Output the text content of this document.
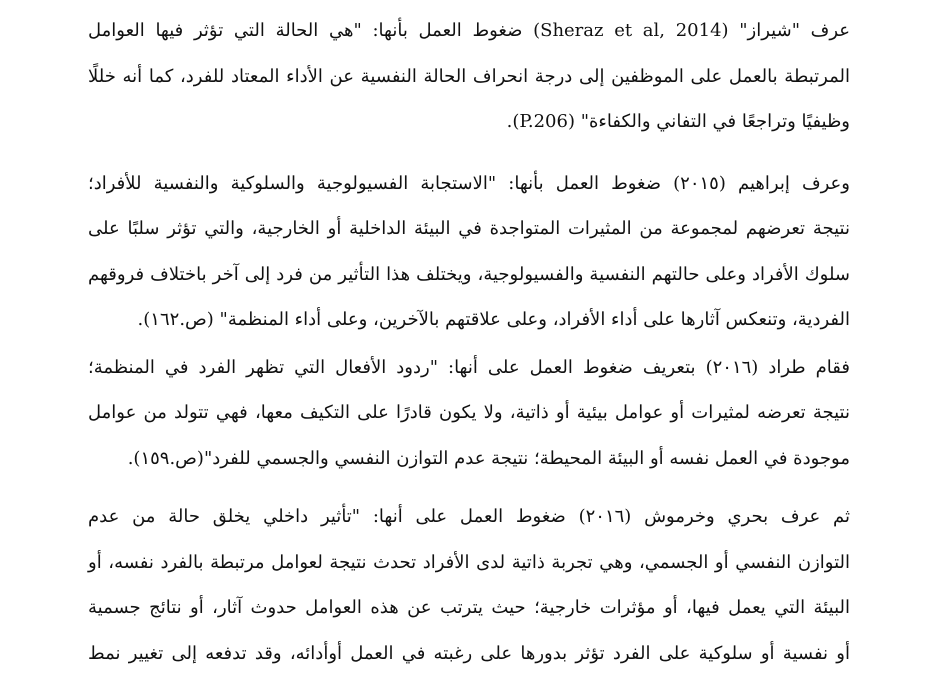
عرف "شيراز" (Sheraz et al, 2014) ضغوط العمل بأنها: "هي الحالة التي تؤثر فيها العوامل
المرتبطة بالعمل على الموظفين إلى درجة انحراف الحالة النفسية عن الأداء المعتاد للفرد، كما أنه خللًا
وظيفيًا وتراجعًا في التفاني والكفاءة" (P.206).
وعرف إبراهيم (٢٠١٥) ضغوط العمل بأنها: "الاستجابة الفسيولوجية والسلوكية والنفسية للأفراد؛
نتيجة تعرضهم لمجموعة من المثيرات المتواجدة في البيئة الداخلية أو الخارجية، والتي تؤثر سلبًا على
سلوك الأفراد وعلى حالتهم النفسية والفسيولوجية، ويختلف هذا التأثير من فرد إلى آخر باختلاف فروقهم
الفردية، وتنعكس آثارها على أداء الأفراد، وعلى علاقتهم بالآخرين، وعلى أداء المنظمة" (ص.١٦٢).
فقام طراد (٢٠١٦) بتعريف ضغوط العمل على أنها: "ردود الأفعال التي تظهر الفرد في المنظمة؛
نتيجة تعرضه لمثيرات أو عوامل بيئية أو ذاتية، ولا يكون قادرًا على التكيف معها، فهي تتولد من عوامل
موجودة في العمل نفسه أو البيئة المحيطة؛ نتيجة عدم التوازن النفسي والجسمي للفرد"(ص.١٥٩).
ثم عرف بحري وخرموش (٢٠١٦) ضغوط العمل على أنها: "تأثير داخلي يخلق حالة من عدم
التوازن النفسي أو الجسمي، وهي تجربة ذاتية لدى الأفراد تحدث نتيجة لعوامل مرتبطة بالفرد نفسه، أو
البيئة التي يعمل فيها، أو مؤثرات خارجية؛ حيث يترتب عن هذه العوامل حدوث آثار، أو نتائج جسمية
أو نفسية أو سلوكية على الفرد تؤثر بدورها على رغبته في العمل أوأدائه، وقد تدفعه إلى تغيير نمط
